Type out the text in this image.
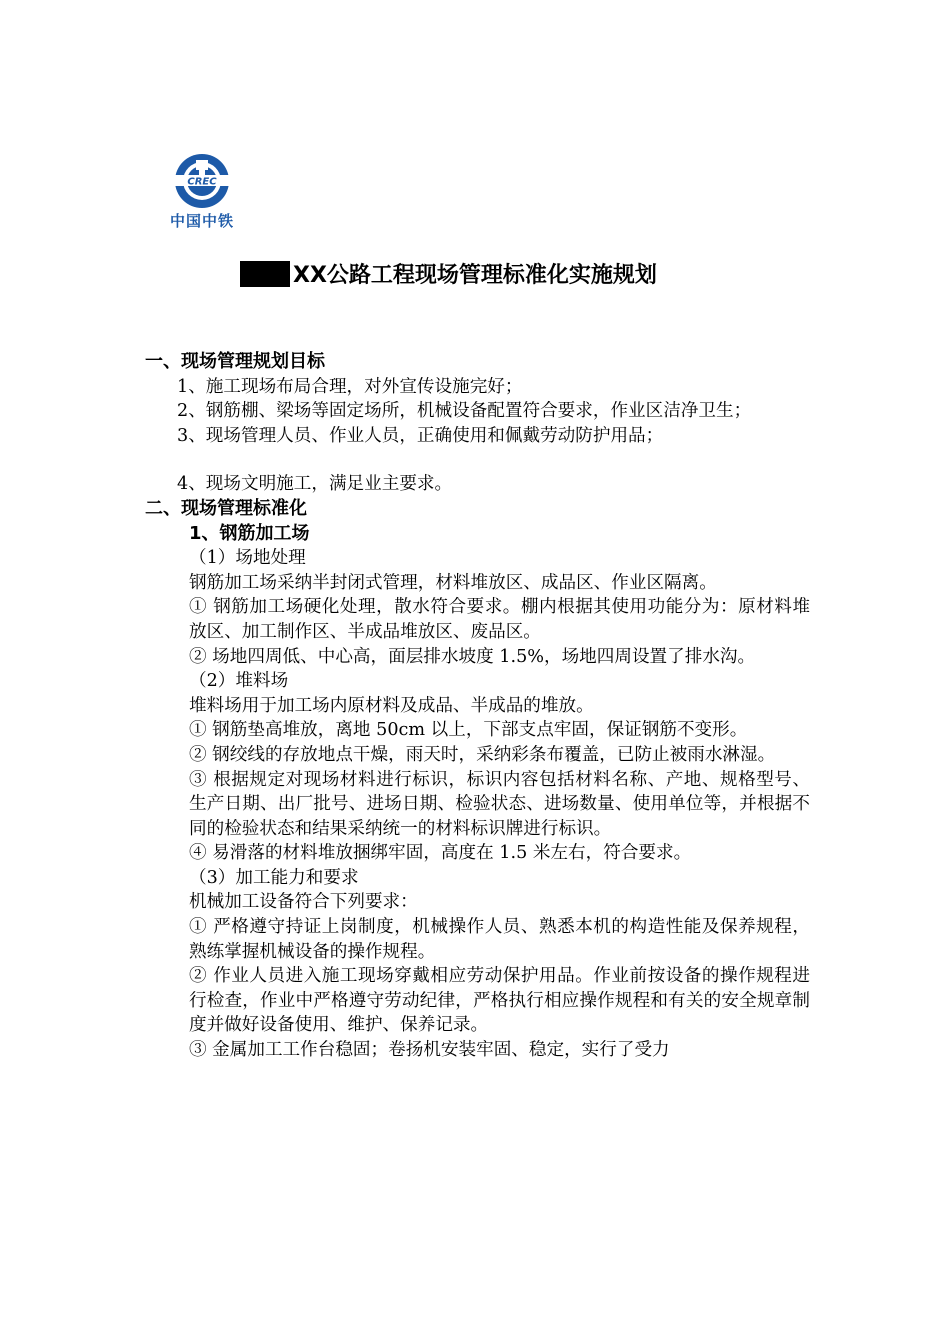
CREC
中国中铁
XX公路工程现场管理标准化实施规划

一、现场管理规划目标

1、施工现场布局合理，对外宣传设施完好；

2、钢筋棚、梁场等固定场所，机械设备配置符合要求，作业区洁净卫生；

3、现场管理人员、作业人员，正确使用和佩戴劳动防护用品；

4、现场文明施工，满足业主要求。

二、现场管理标准化

1、钢筋加工场

（1）场地处理

钢筋加工场采纳半封闭式管理，材料堆放区、成品区、作业区隔离。

① 钢筋加工场硬化处理，散水符合要求。棚内根据其使用功能分为：原材料堆放区、加工制作区、半成品堆放区、废品区。

② 场地四周低、中心高，面层排水坡度 1.5%，场地四周设置了排水沟。

（2）堆料场

堆料场用于加工场内原材料及成品、半成品的堆放。

① 钢筋垫高堆放，离地 50cm 以上，下部支点牢固，保证钢筋不变形。

② 钢绞线的存放地点干燥，雨天时，采纳彩条布覆盖，已防止被雨水淋湿。

③ 根据规定对现场材料进行标识，标识内容包括材料名称、产地、规格型号、生产日期、出厂批号、进场日期、检验状态、进场数量、使用单位等，并根据不同的检验状态和结果采纳统一的材料标识牌进行标识。

④ 易滑落的材料堆放捆绑牢固，高度在 1.5 米左右，符合要求。

（3）加工能力和要求

机械加工设备符合下列要求：

① 严格遵守持证上岗制度，机械操作人员、熟悉本机的构造性能及保养规程，熟练掌握机械设备的操作规程。

② 作业人员进入施工现场穿戴相应劳动保护用品。作业前按设备的操作规程进行检查，作业中严格遵守劳动纪律，严格执行相应操作规程和有关的安全规章制度并做好设备使用、维护、保养记录。

③ 金属加工工作台稳固；卷扬机安装牢固、稳定，实行了受力
